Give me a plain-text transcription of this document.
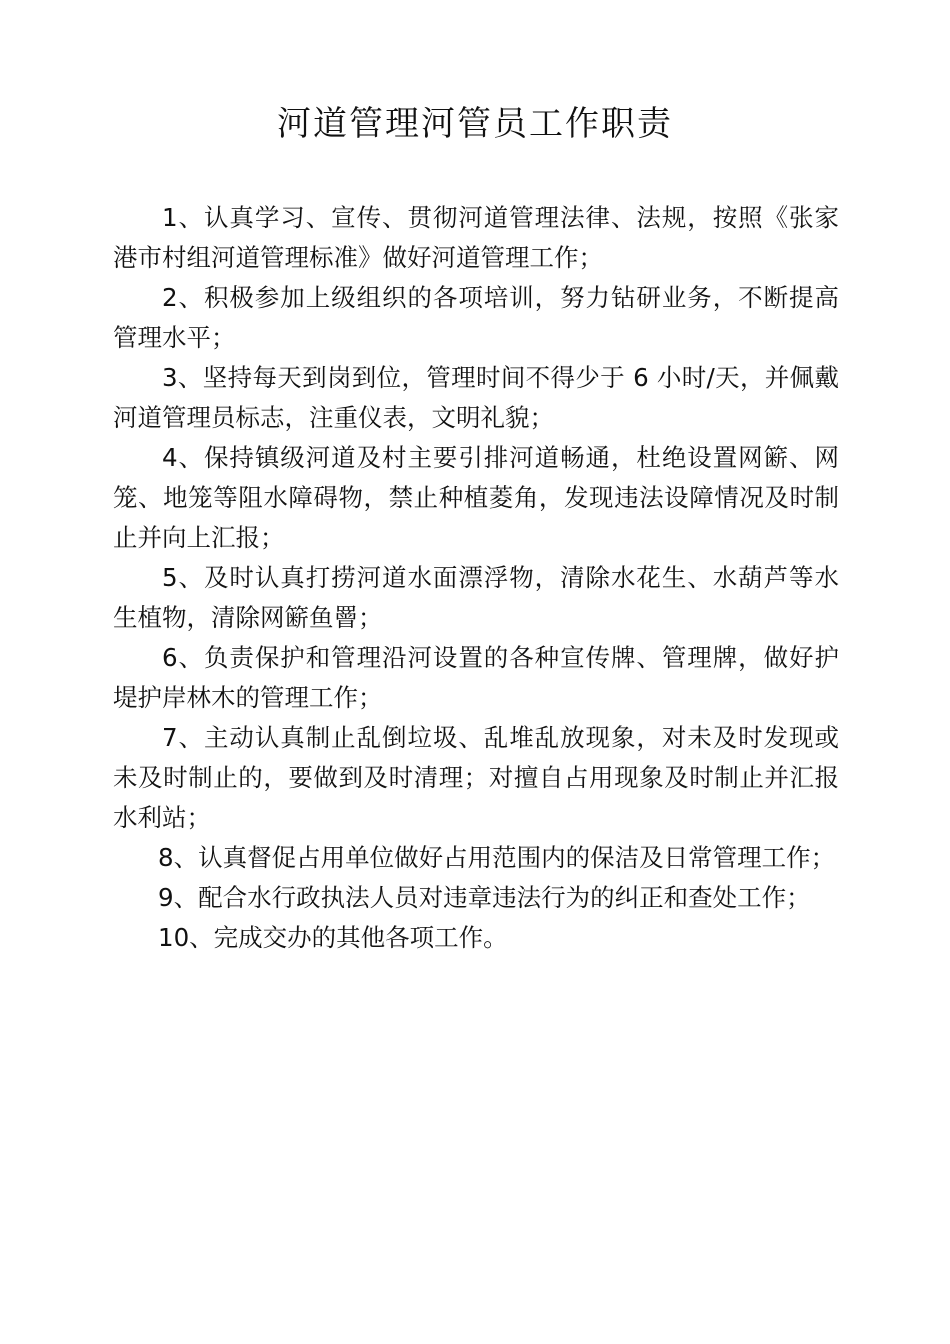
河道管理河管员工作职责

1、认真学习、宣传、贯彻河道管理法律、法规，按照《张家港市村组河道管理标准》做好河道管理工作；

2、积极参加上级组织的各项培训，努力钻研业务，不断提高管理水平；

3、坚持每天到岗到位，管理时间不得少于 6 小时/天，并佩戴河道管理员标志，注重仪表，文明礼貌；

4、保持镇级河道及村主要引排河道畅通，杜绝设置网簖、网笼、地笼等阻水障碍物，禁止种植菱角，发现违法设障情况及时制止并向上汇报；

5、及时认真打捞河道水面漂浮物，清除水花生、水葫芦等水生植物，清除网簖鱼罾；

6、负责保护和管理沿河设置的各种宣传牌、管理牌，做好护堤护岸林木的管理工作；

7、主动认真制止乱倒垃圾、乱堆乱放现象，对未及时发现或未及时制止的，要做到及时清理；对擅自占用现象及时制止并汇报水利站；

8、认真督促占用单位做好占用范围内的保洁及日常管理工作；

9、配合水行政执法人员对违章违法行为的纠正和查处工作；

10、完成交办的其他各项工作。
